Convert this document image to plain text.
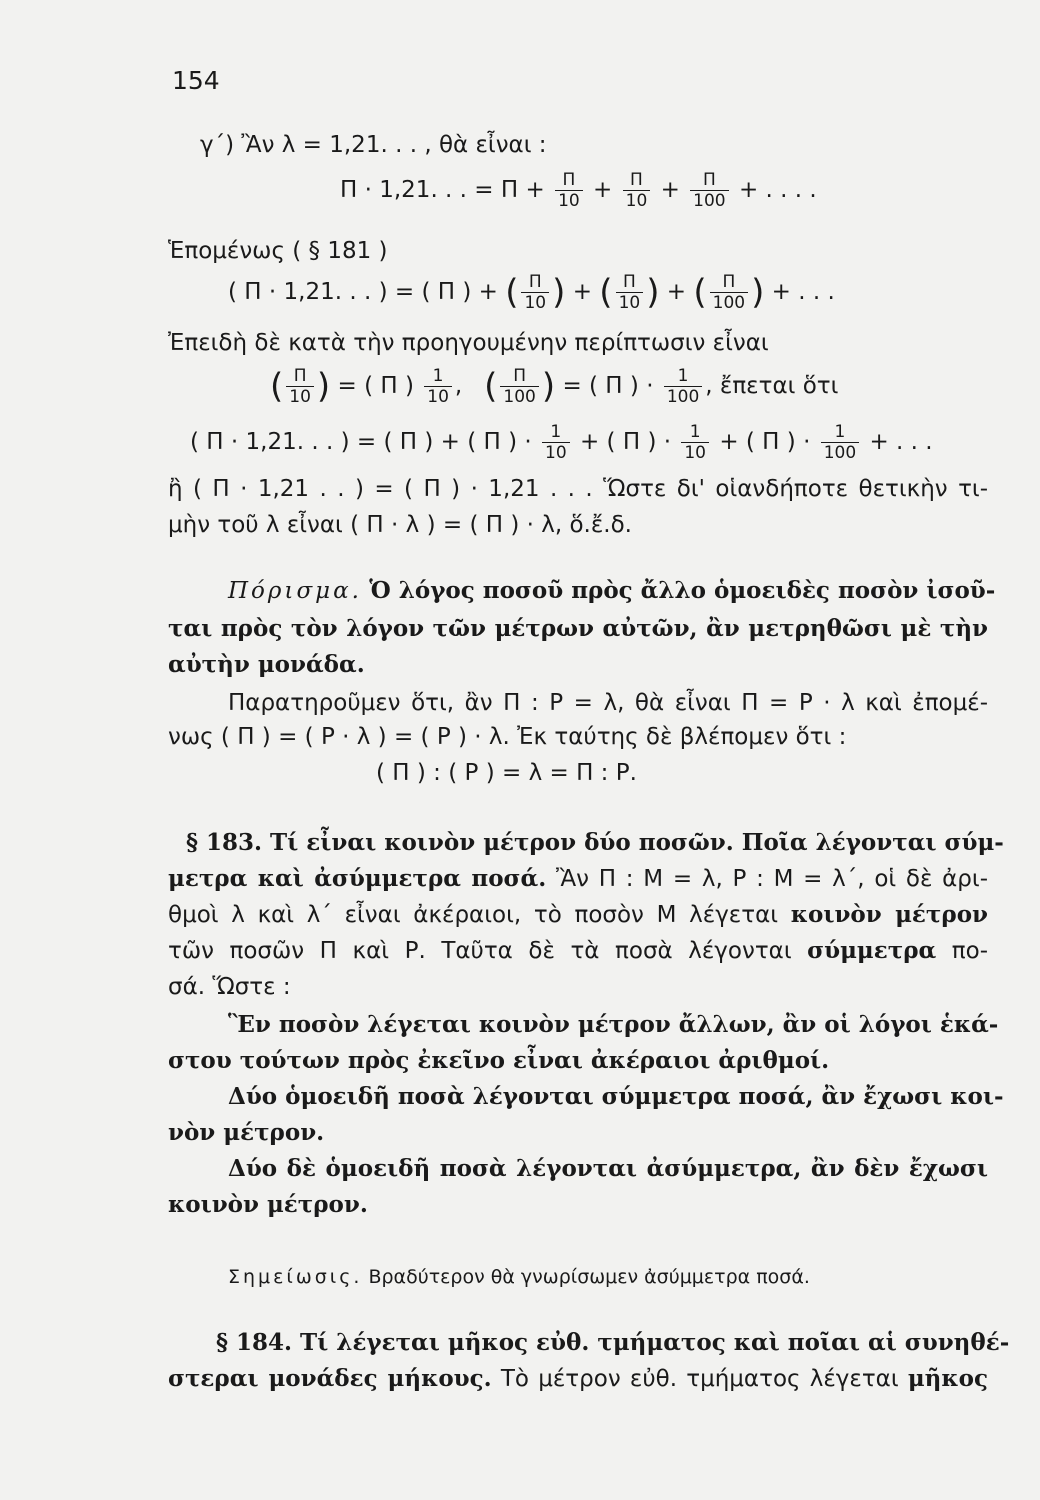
154
γ΄) Ἂν λ = 1,21. . . , θὰ εἶναι :
Π · 1,21. . . = $\Pi + \frac{\Pi}{10} + \frac{\Pi}{10} + \frac{\Pi}{100}$ + . . . .
Ἑπομένως ( § 181 )
( Π · 1,21. . . ) = ( Π ) + ( $\frac{\Pi}{10}$ ) + ( $\frac{\Pi}{10}$ ) + ( $\frac{\Pi}{100}$ ) + . . .
Ἐπειδὴ δὲ κατὰ τὴν προηγουμένην περίπτωσιν εἶναι
( $\frac{\Pi}{10}$ ) = ( Π ) $\frac{1}{10}$ ,   ( $\frac{\Pi}{100}$ ) = ( Π ) · $\frac{1}{100}$ , ἔπεται ὅτι
( Π · 1,21. . . ) = ( Π ) + ( Π ) · $\frac{1}{10}$ + ( Π ) · $\frac{1}{10}$ + ( Π ) · $\frac{1}{100}$ + . . .
ἢ ( Π · 1,21 . . ) = ( Π ) · 1,21 . . . Ὥστε δι' οἱανδήποτε θετικὴν τι-
μὴν τοῦ λ εἶναι ( Π · λ ) = ( Π ) · λ, ὅ.ἔ.δ.
Πόρισμα. Ὁ λόγος ποσοῦ πρὸς ἄλλο ὁμοειδὲς ποσὸν ἰσοῦ-
ται πρὸς τὸν λόγον τῶν μέτρων αὐτῶν, ἂν μετρηθῶσι μὲ τὴν
αὐτὴν μονάδα.
Παρατηροῦμεν ὅτι, ἂν Π : Ρ = λ, θὰ εἶναι Π = Ρ · λ καὶ ἐπομέ-
νως ( Π ) = ( Ρ · λ ) = ( Ρ ) · λ. Ἐκ ταύτης δὲ βλέπομεν ὅτι :
( Π ) : ( Ρ ) = λ = Π : Ρ.
§ 183. Τί εἶναι κοινὸν μέτρον δύο ποσῶν. Ποῖα λέγονται σύμ-
μετρα καὶ ἀσύμμετρα ποσά. Ἂν Π : Μ = λ, Ρ : Μ = λ΄, οἱ δὲ ἀρι-
θμοὶ λ καὶ λ΄ εἶναι ἀκέραιοι, τὸ ποσὸν Μ λέγεται κοινὸν μέτρον
τῶν ποσῶν Π καὶ Ρ. Ταῦτα δὲ τὰ ποσὰ λέγονται σύμμετρα πο-
σά. Ὥστε :
Ἓν ποσὸν λέγεται κοινὸν μέτρον ἄλλων, ἂν οἱ λόγοι ἑκά-
στου τούτων πρὸς ἐκεῖνο εἶναι ἀκέραιοι ἀριθμοί.
Δύο ὁμοειδῆ ποσὰ λέγονται σύμμετρα ποσά, ἂν ἔχωσι κοι-
νὸν μέτρον.
Δύο δὲ ὁμοειδῆ ποσὰ λέγονται ἀσύμμετρα, ἂν δὲν ἔχωσι
κοινὸν μέτρον.
Σημείωσις. Βραδύτερον θὰ γνωρίσωμεν ἀσύμμετρα ποσά.
§ 184. Τί λέγεται μῆκος εὐθ. τμήματος καὶ ποῖαι αἱ συνηθέ-
στεραι μονάδες μήκους. Τὸ μέτρον εὐθ. τμήματος λέγεται μῆκος
